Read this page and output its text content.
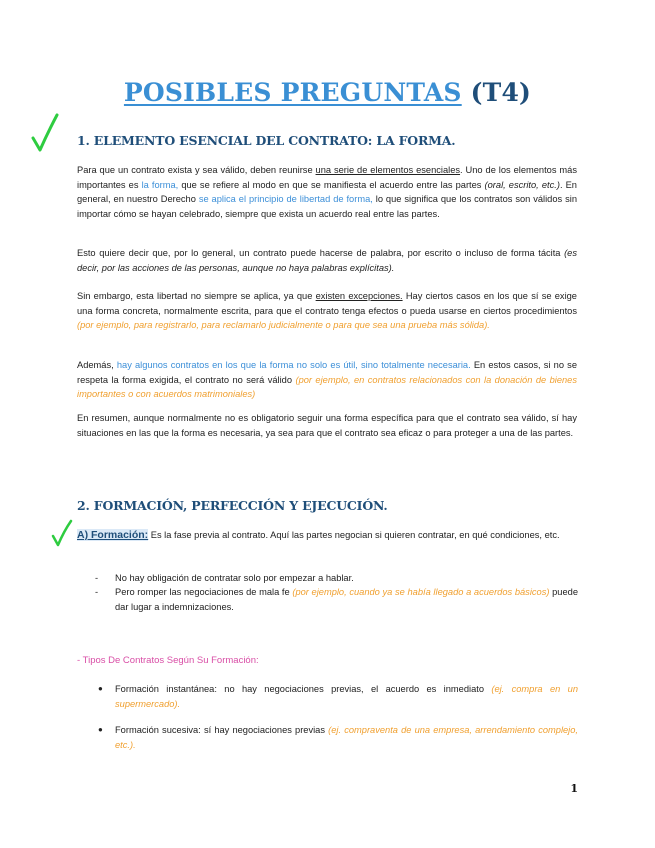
POSIBLES PREGUNTAS (T4)
1. ELEMENTO ESENCIAL DEL CONTRATO: LA FORMA.
Para que un contrato exista y sea válido, deben reunirse una serie de elementos esenciales. Uno de los elementos más importantes es la forma, que se refiere al modo en que se manifiesta el acuerdo entre las partes (oral, escrito, etc.). En general, en nuestro Derecho se aplica el principio de libertad de forma, lo que significa que los contratos son válidos sin importar cómo se hayan celebrado, siempre que exista un acuerdo real entre las partes.
Esto quiere decir que, por lo general, un contrato puede hacerse de palabra, por escrito o incluso de forma tácita (es decir, por las acciones de las personas, aunque no haya palabras explícitas).
Sin embargo, esta libertad no siempre se aplica, ya que existen excepciones. Hay ciertos casos en los que sí se exige una forma concreta, normalmente escrita, para que el contrato tenga efectos o pueda usarse en ciertos procedimientos (por ejemplo, para registrarlo, para reclamarlo judicialmente o para que sea una prueba más sólida).
Además, hay algunos contratos en los que la forma no solo es útil, sino totalmente necesaria. En estos casos, si no se respeta la forma exigida, el contrato no será válido (por ejemplo, en contratos relacionados con la donación de bienes importantes o con acuerdos matrimoniales)
En resumen, aunque normalmente no es obligatorio seguir una forma específica para que el contrato sea válido, sí hay situaciones en las que la forma es necesaria, ya sea para que el contrato sea eficaz o para proteger a una de las partes.
2. FORMACIÓN, PERFECCIÓN Y EJECUCIÓN.
A) Formación: Es la fase previa al contrato. Aquí las partes negocian si quieren contratar, en qué condiciones, etc.
- No hay obligación de contratar solo por empezar a hablar.
- Pero romper las negociaciones de mala fe (por ejemplo, cuando ya se había llegado a acuerdos básicos) puede dar lugar a indemnizaciones.
- Tipos De Contratos Según Su Formación:
● Formación instantánea: no hay negociaciones previas, el acuerdo es inmediato (ej. compra en un supermercado).
● Formación sucesiva: sí hay negociaciones previas (ej. compraventa de una empresa, arrendamiento complejo, etc.).
1
